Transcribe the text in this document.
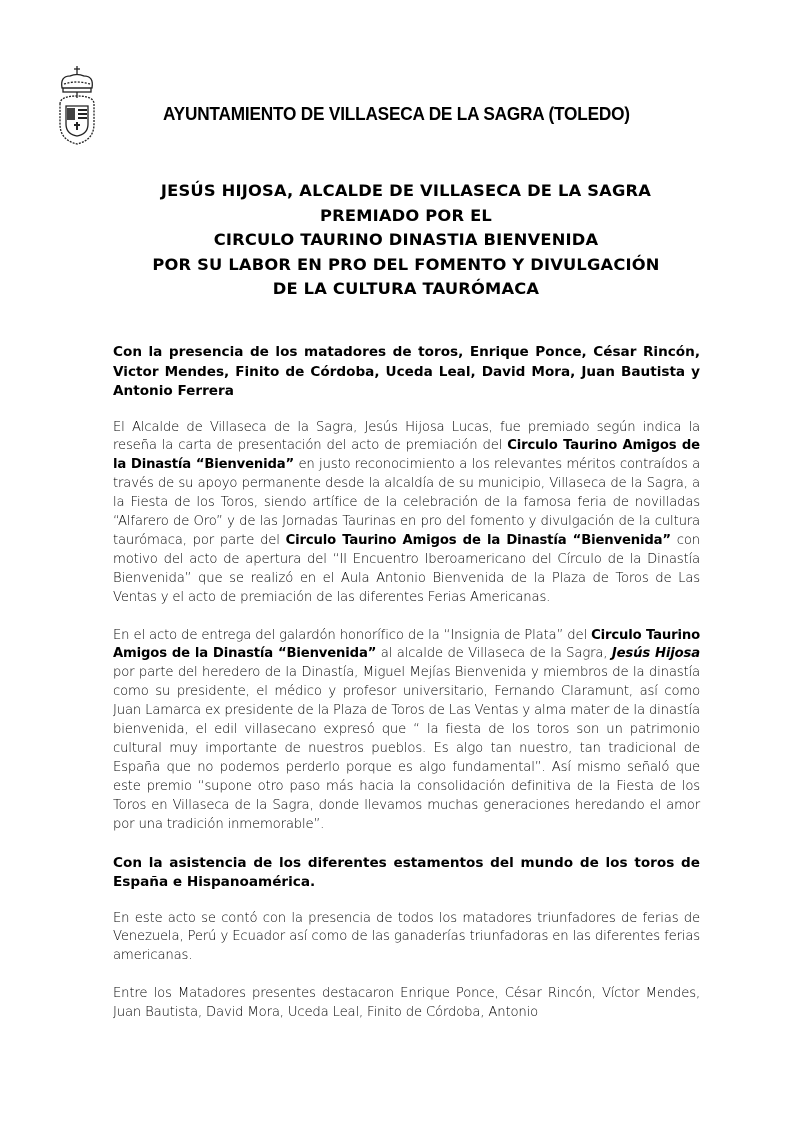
AYUNTAMIENTO DE VILLASECA DE LA SAGRA (TOLEDO)
JESÚS HIJOSA, ALCALDE DE VILLASECA DE LA SAGRA
PREMIADO POR EL
CIRCULO TAURINO DINASTIA BIENVENIDA
POR SU LABOR EN PRO DEL FOMENTO Y DIVULGACIÓN
DE LA CULTURA TAURÓMACA

Con la presencia de los matadores de toros, Enrique Ponce, César Rincón, Victor Mendes, Finito de Córdoba, Uceda Leal, David Mora, Juan Bautista y Antonio Ferrera

El Alcalde de Villaseca de la Sagra, Jesús Hijosa Lucas, fue premiado según indica la reseña la carta de presentación del acto de premiación del Circulo Taurino Amigos de la Dinastía “Bienvenida” en justo reconocimiento a los relevantes méritos contraídos a través de su apoyo permanente desde la alcaldía de su municipio, Villaseca de la Sagra, a la Fiesta de los Toros, siendo artífice de la celebración de la famosa feria de novilladas “Alfarero de Oro” y de las Jornadas Taurinas en pro del fomento y divulgación de la cultura taurómaca, por parte del Circulo Taurino Amigos de la Dinastía “Bienvenida” con motivo del acto de apertura del “II Encuentro Iberoamericano del Círculo de la Dinastía Bienvenida” que se realizó en el Aula Antonio Bienvenida de la Plaza de Toros de Las Ventas y el acto de premiación de las diferentes Ferias Americanas.

En el acto de entrega del galardón honorífico de la “Insignia de Plata” del Circulo Taurino Amigos de la Dinastía “Bienvenida” al alcalde de Villaseca de la Sagra, Jesús Hijosa por parte del heredero de la Dinastía, Miguel Mejías Bienvenida y miembros de la dinastía como su presidente, el médico y profesor universitario, Fernando Claramunt, así como Juan Lamarca ex presidente de la Plaza de Toros de Las Ventas y alma mater de la dinastía bienvenida, el edil villasecano expresó que “ la fiesta de los toros son un patrimonio cultural muy importante de nuestros pueblos. Es algo tan nuestro, tan tradicional de España que no podemos perderlo porque es algo fundamental”. Así mismo señaló que este premio “supone otro paso más hacia la consolidación definitiva de la Fiesta de los Toros en Villaseca de la Sagra, donde llevamos muchas generaciones heredando el amor por una tradición inmemorable”.

Con la asistencia de los diferentes estamentos del mundo de los toros de España e Hispanoamérica.

En este acto se contó con la presencia de todos los matadores triunfadores de ferias de Venezuela, Perú y Ecuador así como de las ganaderías triunfadoras en las diferentes ferias americanas.

Entre los Matadores presentes destacaron Enrique Ponce, César Rincón, Víctor Mendes, Juan Bautista, David Mora, Uceda Leal, Finito de Córdoba, Antonio
